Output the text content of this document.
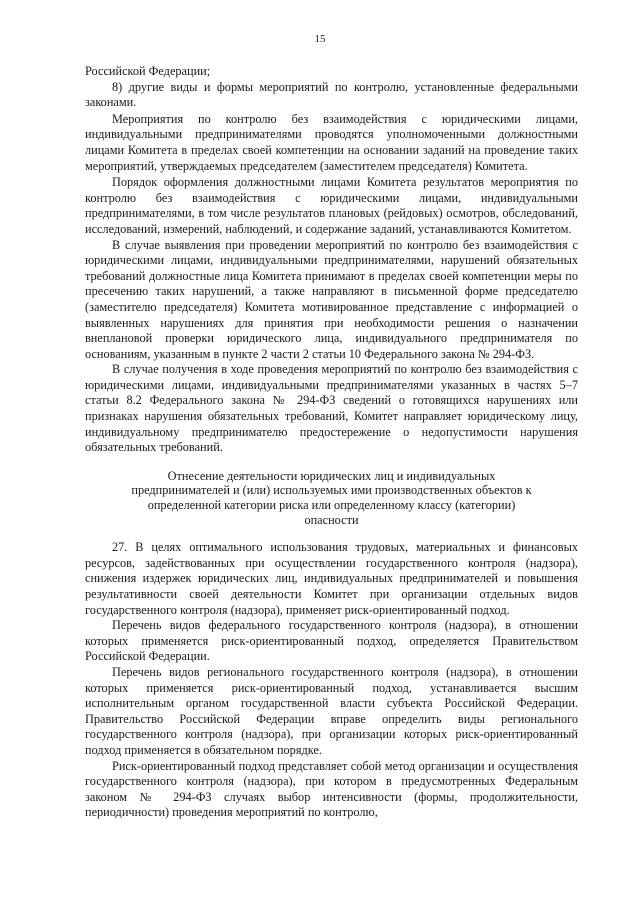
15

Российской Федерации;

8) другие виды и формы мероприятий по контролю, установленные федеральными законами.

Мероприятия по контролю без взаимодействия с юридическими лицами, индивидуальными предпринимателями проводятся уполномоченными должностными лицами Комитета в пределах своей компетенции на основании заданий на проведение таких мероприятий, утверждаемых председателем (заместителем председателя) Комитета.

Порядок оформления должностными лицами Комитета результатов мероприятия по контролю без взаимодействия с юридическими лицами, индивидуальными предпринимателями, в том числе результатов плановых (рейдовых) осмотров, обследований, исследований, измерений, наблюдений, и содержание заданий, устанавливаются Комитетом.

В случае выявления при проведении мероприятий по контролю без взаимодействия с юридическими лицами, индивидуальными предпринимателями, нарушений обязательных требований должностные лица Комитета принимают в пределах своей компетенции меры по пресечению таких нарушений, а также направляют в письменной форме председателю (заместителю председателя) Комитета мотивированное представление с информацией о выявленных нарушениях для принятия при необходимости решения о назначении внеплановой проверки юридического лица, индивидуального предпринимателя по основаниям, указанным в пункте 2 части 2 статьи 10 Федерального закона № 294-ФЗ.

В случае получения в ходе проведения мероприятий по контролю без взаимодействия с юридическими лицами, индивидуальными предпринимателями указанных в частях 5–7 статьи 8.2 Федерального закона № 294-ФЗ сведений о готовящихся нарушениях или признаках нарушения обязательных требований, Комитет направляет юридическому лицу, индивидуальному предпринимателю предостережение о недопустимости нарушения обязательных требований.

Отнесение деятельности юридических лиц и индивидуальных предпринимателей и (или) используемых ими производственных объектов к определенной категории риска или определенному классу (категории) опасности

27. В целях оптимального использования трудовых, материальных и финансовых ресурсов, задействованных при осуществлении государственного контроля (надзора), снижения издержек юридических лиц, индивидуальных предпринимателей и повышения результативности своей деятельности Комитет при организации отдельных видов государственного контроля (надзора), применяет риск-ориентированный подход.

Перечень видов федерального государственного контроля (надзора), в отношении которых применяется риск-ориентированный подход, определяется Правительством Российской Федерации.

Перечень видов регионального государственного контроля (надзора), в отношении которых применяется риск-ориентированный подход, устанавливается высшим исполнительным органом государственной власти субъекта Российской Федерации. Правительство Российской Федерации вправе определить виды регионального государственного контроля (надзора), при организации которых риск-ориентированный подход применяется в обязательном порядке.

Риск-ориентированный подход представляет собой метод организации и осуществления государственного контроля (надзора), при котором в предусмотренных Федеральным законом № 294-ФЗ случаях выбор интенсивности (формы, продолжительности, периодичности) проведения мероприятий по контролю,
